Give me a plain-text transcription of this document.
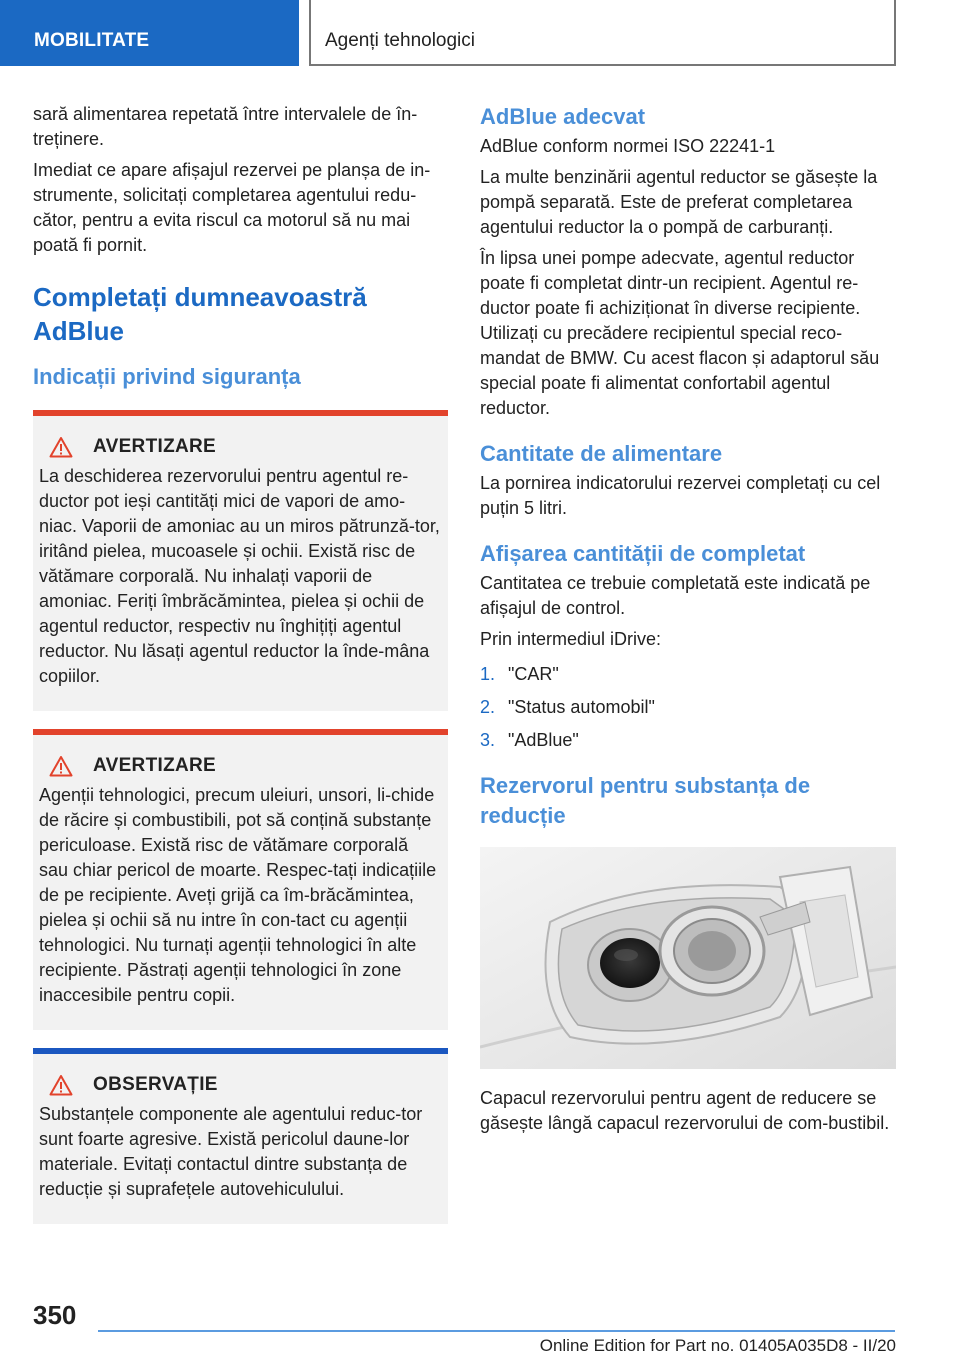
MOBILITATE	Agenți tehnologici

sară alimentarea repetată între intervalele de în-treținere.

Imediat ce apare afișajul rezervei pe planșa de in-strumente, solicitați completarea agentului redu-cător, pentru a evita riscul ca motorul să nu mai poată fi pornit.

Completați dumneavoastră AdBlue
Indicații privind siguranța
AVERTIZARE

La deschiderea rezervorului pentru agentul re-ductor pot ieși cantități mici de vapori de amo-niac. Vaporii de amoniac au un miros pătrunză-tor, iritând pielea, mucoasele și ochii. Există risc de vătămare corporală. Nu inhalați vaporii de amoniac. Feriți îmbrăcămintea, pielea și ochii de agentul reductor, respectiv nu înghițiți agentul reductor. Nu lăsați agentul reductor la înde-mâna copiilor.

AVERTIZARE

Agenții tehnologici, precum uleiuri, unsori, li-chide de răcire și combustibili, pot să conțină substanțe periculoase. Există risc de vătămare corporală sau chiar pericol de moarte. Respec-tați indicațiile de pe recipiente. Aveți grijă ca îm-brăcămintea, pielea și ochii să nu intre în con-tact cu agenții tehnologici. Nu turnați agenții tehnologici în alte recipiente. Păstrați agenții tehnologici în zone inaccesibile pentru copii.

OBSERVAȚIE

Substanțele componente ale agentului reduc-tor sunt foarte agresive. Există pericolul daune-lor materiale. Evitați contactul dintre substanța de reducție și suprafețele autovehiculului.

AdBlue adecvat

AdBlue conform normei ISO 22241-1

La multe benzinării agentul reductor se găsește la pompă separată. Este de preferat completarea agentului reductor la o pompă de carburanți.

În lipsa unei pompe adecvate, agentul reductor poate fi completat dintr-un recipient. Agentul re-ductor poate fi achiziționat în diverse recipiente. Utilizați cu precădere recipientul special reco-mandat de BMW. Cu acest flacon și adaptorul său special poate fi alimentat confortabil agentul reductor.

Cantitate de alimentare

La pornirea indicatorului rezervei completați cu cel puțin 5 litri.

Afișarea cantității de completat

Cantitatea ce trebuie completată este indicată pe afișajul de control.

Prin intermediul iDrive:

1. "CAR"
2. "Status automobil"
3. "AdBlue"
Rezervorul pentru substanța de reducție

Capacul rezervorului pentru agent de reducere se găsește lângă capacul rezervorului de com-bustibil.

350
Online Edition for Part no. 01405A035D8 - II/20
